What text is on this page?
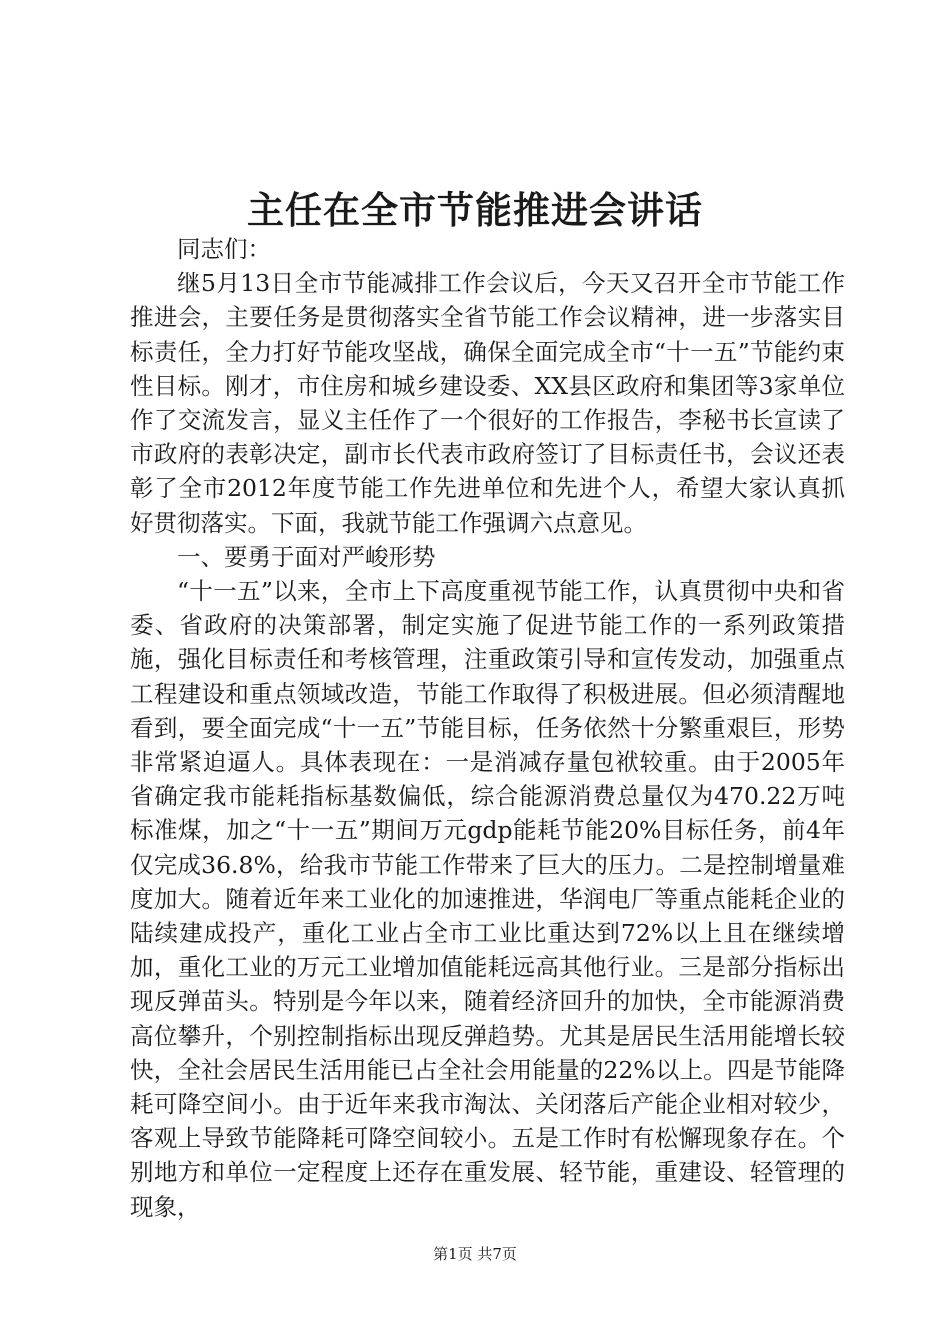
主任在全市节能推进会讲话

同志们：

继5月13日全市节能减排工作会议后，今天又召开全市节能工作推进会，主要任务是贯彻落实全省节能工作会议精神，进一步落实目标责任，全力打好节能攻坚战，确保全面完成全市“十一五”节能约束性目标。刚才，市住房和城乡建设委、XX县区政府和集团等3家单位作了交流发言，显义主任作了一个很好的工作报告，李秘书长宣读了市政府的表彰决定，副市长代表市政府签订了目标责任书，会议还表彰了全市2012年度节能工作先进单位和先进个人，希望大家认真抓好贯彻落实。下面，我就节能工作强调六点意见。

一、要勇于面对严峻形势

“十一五”以来，全市上下高度重视节能工作，认真贯彻中央和省委、省政府的决策部署，制定实施了促进节能工作的一系列政策措施，强化目标责任和考核管理，注重政策引导和宣传发动，加强重点工程建设和重点领域改造，节能工作取得了积极进展。但必须清醒地看到，要全面完成“十一五”节能目标，任务依然十分繁重艰巨，形势非常紧迫逼人。具体表现在：一是消减存量包袱较重。由于2005年省确定我市能耗指标基数偏低，综合能源消费总量仅为470.22万吨标准煤，加之“十一五”期间万元gdp能耗节能20%目标任务，前4年仅完成36.8%，给我市节能工作带来了巨大的压力。二是控制增量难度加大。随着近年来工业化的加速推进，华润电厂等重点能耗企业的陆续建成投产，重化工业占全市工业比重达到72%以上且在继续增加，重化工业的万元工业增加值能耗远高其他行业。三是部分指标出现反弹苗头。特别是今年以来，随着经济回升的加快，全市能源消费高位攀升，个别控制指标出现反弹趋势。尤其是居民生活用能增长较快，全社会居民生活用能已占全社会用能量的22%以上。四是节能降耗可降空间小。由于近年来我市淘汰、关闭落后产能企业相对较少，客观上导致节能降耗可降空间较小。五是工作时有松懈现象存在。个别地方和单位一定程度上还存在重发展、轻节能，重建设、轻管理的现象，

第1页 共7页
